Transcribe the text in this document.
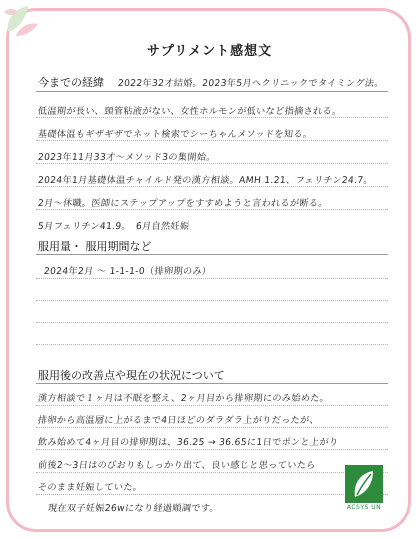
サプリメント感想文
今までの経緯 2022年32才結婚。2023年5月へクリニックでタイミング法。
低温期が長い、頸管粘液がない、女性ホルモンが低いなど指摘される。
基礎体温もギザギザでネット検索でシーちゃんメソッドを知る。
2023年11月33才〜メソッド3の集開始。
2024年1月基礎体温チャイルド発の漢方相談。AMH 1.21、フェリチン24.7。
2月〜休職。医師にステップアップをすすめようと言われるが断る。
5月フェリチン41.9。　6月自然妊娠
服用量・ 服用期間など
2024年2月 〜 1-1-1-0（排卵期のみ）
服用後の改善点や現在の状況について
漢方相談で１ヶ月は不眠を整え、2ヶ月目から排卵期にのみ始めた。
排卵から高温層に上がるまで4日ほどのダラダラ上がりだったが、
飲み始めて4ヶ月目の排卵期は、36.25 → 36.65に1日でポンと上がり
前後2〜3日はのびおりもしっかり出て、良い感じと思っていたら
そのまま妊娠していた。
現在双子妊娠26wになり経過順調です。	ACSYS UN
